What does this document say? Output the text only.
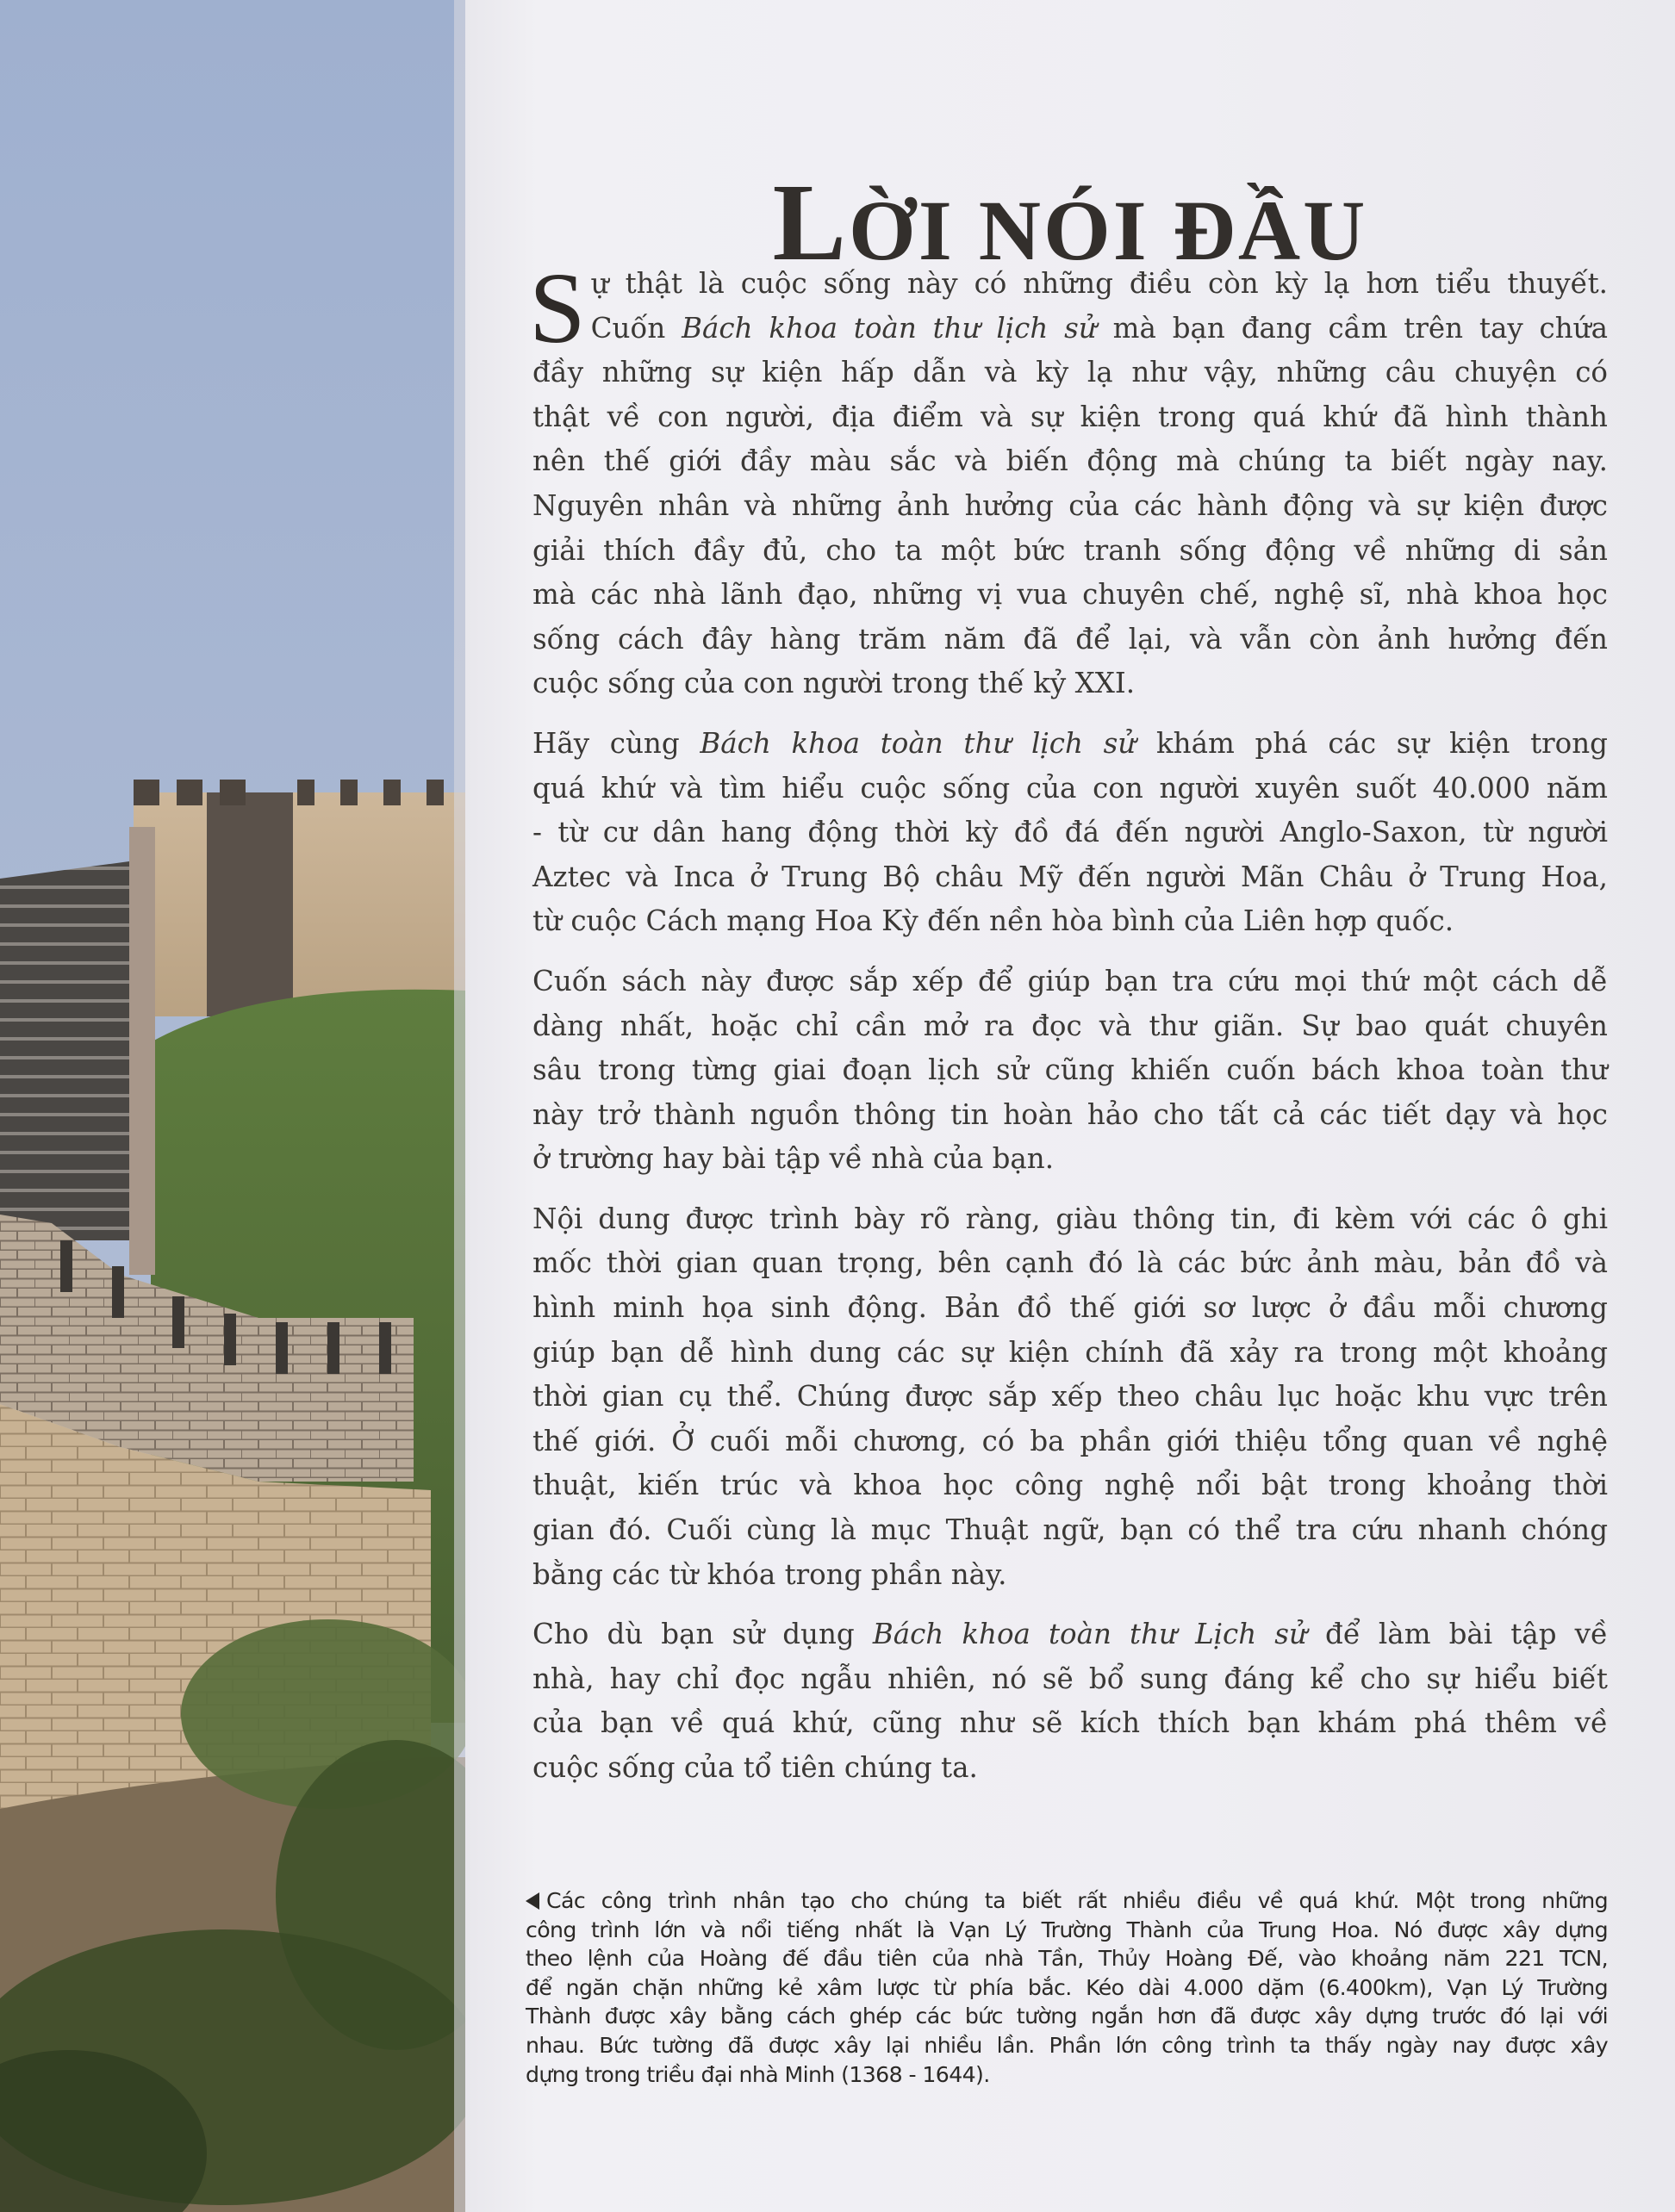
LỜI NÓI ĐẦU
S ự thật là cuộc sống này có những điều còn kỳ lạ hơn tiểu thuyết.
Cuốn Bách khoa toàn thư lịch sử mà bạn đang cầm trên tay chứa
đầy những sự kiện hấp dẫn và kỳ lạ như vậy, những câu chuyện có
thật về con người, địa điểm và sự kiện trong quá khứ đã hình thành
nên thế giới đầy màu sắc và biến động mà chúng ta biết ngày nay.
Nguyên nhân và những ảnh hưởng của các hành động và sự kiện được
giải thích đầy đủ, cho ta một bức tranh sống động về những di sản
mà các nhà lãnh đạo, những vị vua chuyên chế, nghệ sĩ, nhà khoa học
sống cách đây hàng trăm năm đã để lại, và vẫn còn ảnh hưởng đến
cuộc sống của con người trong thế kỷ XXI.
Hãy cùng Bách khoa toàn thư lịch sử khám phá các sự kiện trong
quá khứ và tìm hiểu cuộc sống của con người xuyên suốt 40.000 năm
- từ cư dân hang động thời kỳ đồ đá đến người Anglo-Saxon, từ người
Aztec và Inca ở Trung Bộ châu Mỹ đến người Mãn Châu ở Trung Hoa,
từ cuộc Cách mạng Hoa Kỳ đến nền hòa bình của Liên hợp quốc.
Cuốn sách này được sắp xếp để giúp bạn tra cứu mọi thứ một cách dễ
dàng nhất, hoặc chỉ cần mở ra đọc và thư giãn. Sự bao quát chuyên
sâu trong từng giai đoạn lịch sử cũng khiến cuốn bách khoa toàn thư
này trở thành nguồn thông tin hoàn hảo cho tất cả các tiết dạy và học
ở trường hay bài tập về nhà của bạn.
Nội dung được trình bày rõ ràng, giàu thông tin, đi kèm với các ô ghi
mốc thời gian quan trọng, bên cạnh đó là các bức ảnh màu, bản đồ và
hình minh họa sinh động. Bản đồ thế giới sơ lược ở đầu mỗi chương
giúp bạn dễ hình dung các sự kiện chính đã xảy ra trong một khoảng
thời gian cụ thể. Chúng được sắp xếp theo châu lục hoặc khu vực trên
thế giới. Ở cuối mỗi chương, có ba phần giới thiệu tổng quan về nghệ
thuật, kiến trúc và khoa học công nghệ nổi bật trong khoảng thời
gian đó. Cuối cùng là mục Thuật ngữ, bạn có thể tra cứu nhanh chóng
bằng các từ khóa trong phần này.
Cho dù bạn sử dụng Bách khoa toàn thư Lịch sử để làm bài tập về
nhà, hay chỉ đọc ngẫu nhiên, nó sẽ bổ sung đáng kể cho sự hiểu biết
của bạn về quá khứ, cũng như sẽ kích thích bạn khám phá thêm về
cuộc sống của tổ tiên chúng ta.
Các công trình nhân tạo cho chúng ta biết rất nhiều điều về quá khứ. Một trong những
công trình lớn và nổi tiếng nhất là Vạn Lý Trường Thành của Trung Hoa. Nó được xây dựng
theo lệnh của Hoàng đế đầu tiên của nhà Tần, Thủy Hoàng Đế, vào khoảng năm 221 TCN,
để ngăn chặn những kẻ xâm lược từ phía bắc. Kéo dài 4.000 dặm (6.400km), Vạn Lý Trường
Thành được xây bằng cách ghép các bức tường ngắn hơn đã được xây dựng trước đó lại với
nhau. Bức tường đã được xây lại nhiều lần. Phần lớn công trình ta thấy ngày nay được xây
dựng trong triều đại nhà Minh (1368 - 1644).
